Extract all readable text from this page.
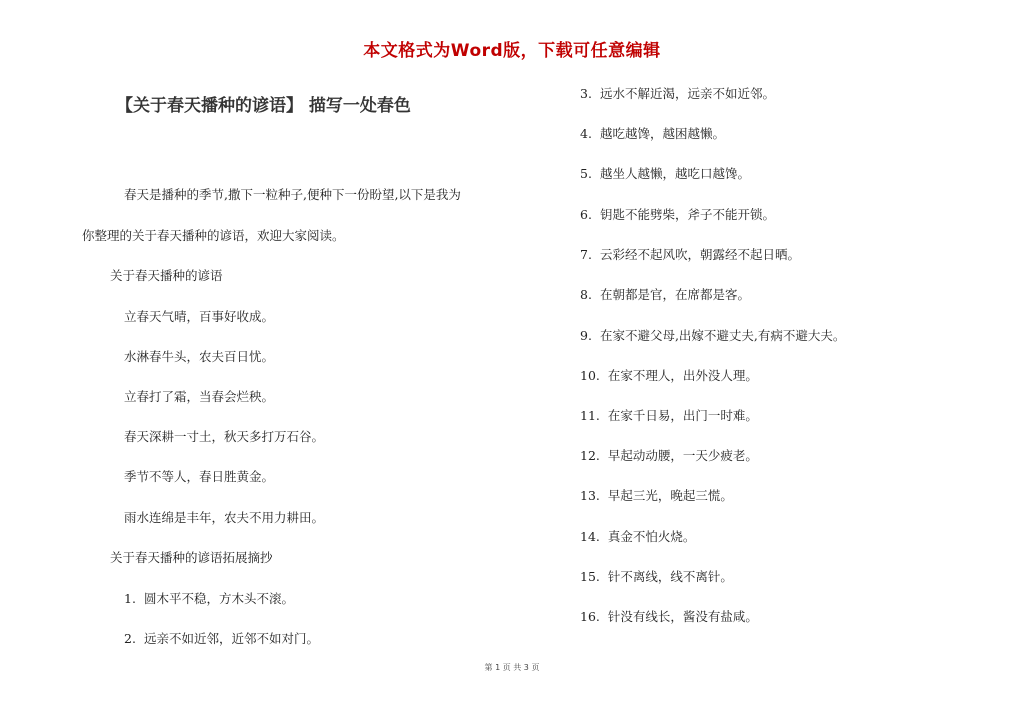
本文格式为Word版，下载可任意编辑
【关于春天播种的谚语】 描写一处春色
春天是播种的季节,撒下一粒种子,便种下一份盼望,以下是我为
你整理的关于春天播种的谚语，欢迎大家阅读。
关于春天播种的谚语
立春天气晴，百事好收成。
水淋春牛头，农夫百日忧。
立春打了霜，当春会烂秧。
春天深耕一寸土，秋天多打万石谷。
季节不等人，春日胜黄金。
雨水连绵是丰年，农夫不用力耕田。
关于春天播种的谚语拓展摘抄
1. 圆木平不稳，方木头不滚。
2. 远亲不如近邻，近邻不如对门。
3. 远水不解近渴，远亲不如近邻。
4. 越吃越馋，越困越懒。
5. 越坐人越懒，越吃口越馋。
6. 钥匙不能劈柴，斧子不能开锁。
7. 云彩经不起风吹，朝露经不起日晒。
8. 在朝都是官，在席都是客。
9. 在家不避父母,出嫁不避丈夫,有病不避大夫。
10. 在家不理人，出外没人理。
11. 在家千日易，出门一时难。
12. 早起动动腰，一天少疲老。
13. 早起三光，晚起三慌。
14. 真金不怕火烧。
15. 针不离线，线不离针。
16. 针没有线长，酱没有盐咸。
第 1 页 共 3 页
